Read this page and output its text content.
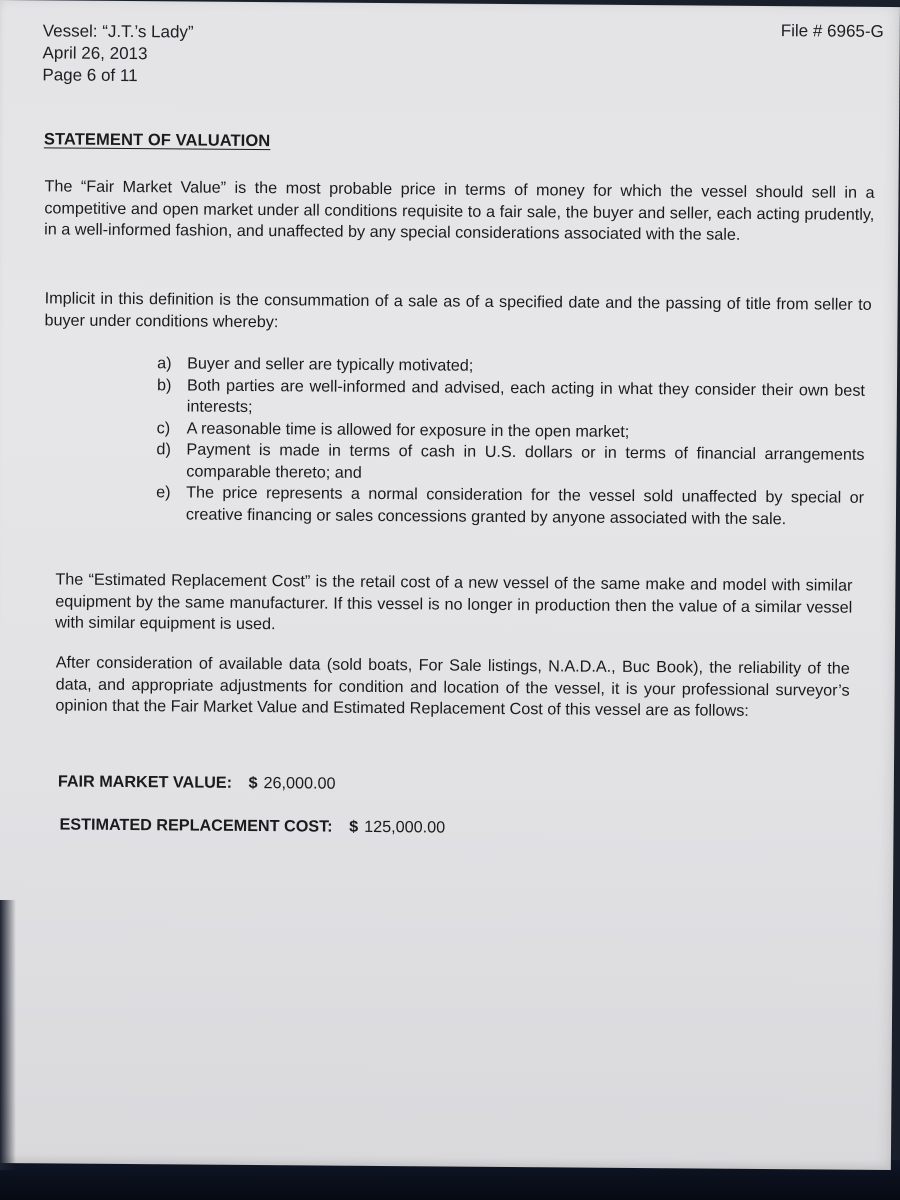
Vessel: “J.T.’s Lady”
April 26, 2013
Page 6 of 11
File # 6965-G
STATEMENT OF VALUATION

The “Fair Market Value” is the most probable price in terms of money for which the vessel should sell in a competitive and open market under all conditions requisite to a fair sale, the buyer and seller, each acting prudently, in a well-informed fashion, and unaffected by any special considerations associated with the sale.

Implicit in this definition is the consummation of a sale as of a specified date and the passing of title from seller to buyer under conditions whereby:

a) Buyer and seller are typically motivated;
b) Both parties are well-informed and advised, each acting in what they consider their own best interests;
c)	A reasonable time is allowed for exposure in the open market;
d) Payment is made in terms of cash in U.S. dollars or in terms of financial arrangements comparable thereto; and
e) The price represents a normal consideration for the vessel sold unaffected by special or creative financing or sales concessions granted by anyone associated with the sale.

The “Estimated Replacement Cost” is the retail cost of a new vessel of the same make and model with similar equipment by the same manufacturer. If this vessel is no longer in production then the value of a similar vessel with similar equipment is used.

After consideration of available data (sold boats, For Sale listings, N.A.D.A., Buc Book), the reliability of the data, and appropriate adjustments for condition and location of the vessel, it is your professional surveyor’s opinion that the Fair Market Value and Estimated Replacement Cost of this vessel are as follows:

FAIR MARKET VALUE: $ 26,000.00
ESTIMATED REPLACEMENT COST: $ 125,000.00
